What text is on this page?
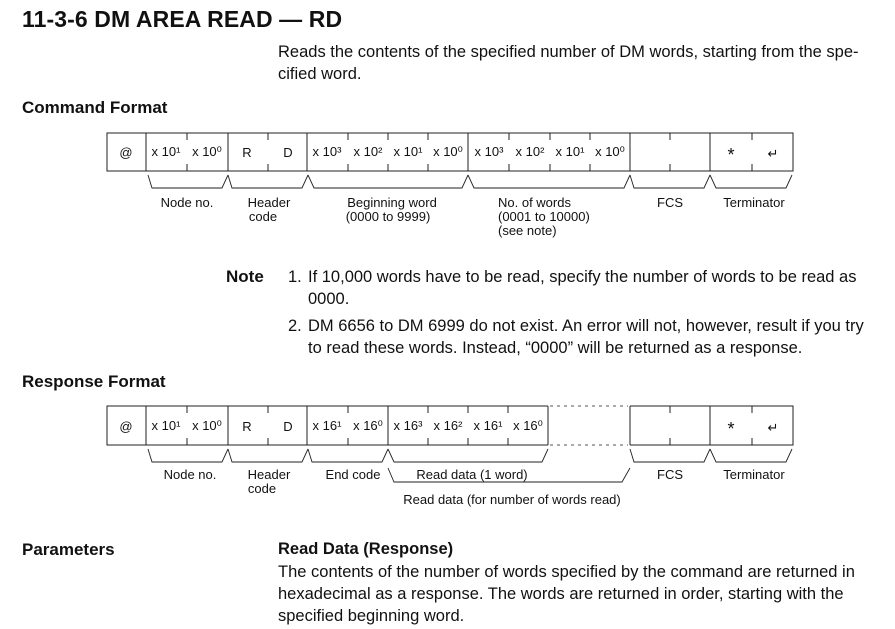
11-3-6 DM AREA READ — RD
Reads the contents of the specified number of DM words, starting from the spe-
cified word.
Command Format
@ x 10¹ x 10⁰ R D x 10³ x 10² x 10¹ x 10⁰ x 10³ x 10² x 10¹ x 10⁰	*	↵
Node no.	Header
code
Beginning word
(0000 to 9999)
No. of words
(0001 to 10000)
(see note)
FCS	Terminator
Note 1. If 10,000 words have to be read, specify the number of words to be read as
0000.
2. DM 6656 to DM 6999 do not exist. An error will not, however, result if you try
to read these words. Instead, “0000” will be returned as a response.
Response Format
@ x 10¹ x 10⁰ R D x 16¹ x 16⁰ x 16³ x 16² x 16¹ x 16⁰	*	↵
Node no. Header
code
End code	Read data (1 word)
Read data (for number of words read)
FCS	Terminator
Parameters	Read Data (Response)
The contents of the number of words specified by the command are returned in
hexadecimal as a response. The words are returned in order, starting with the
specified beginning word.
